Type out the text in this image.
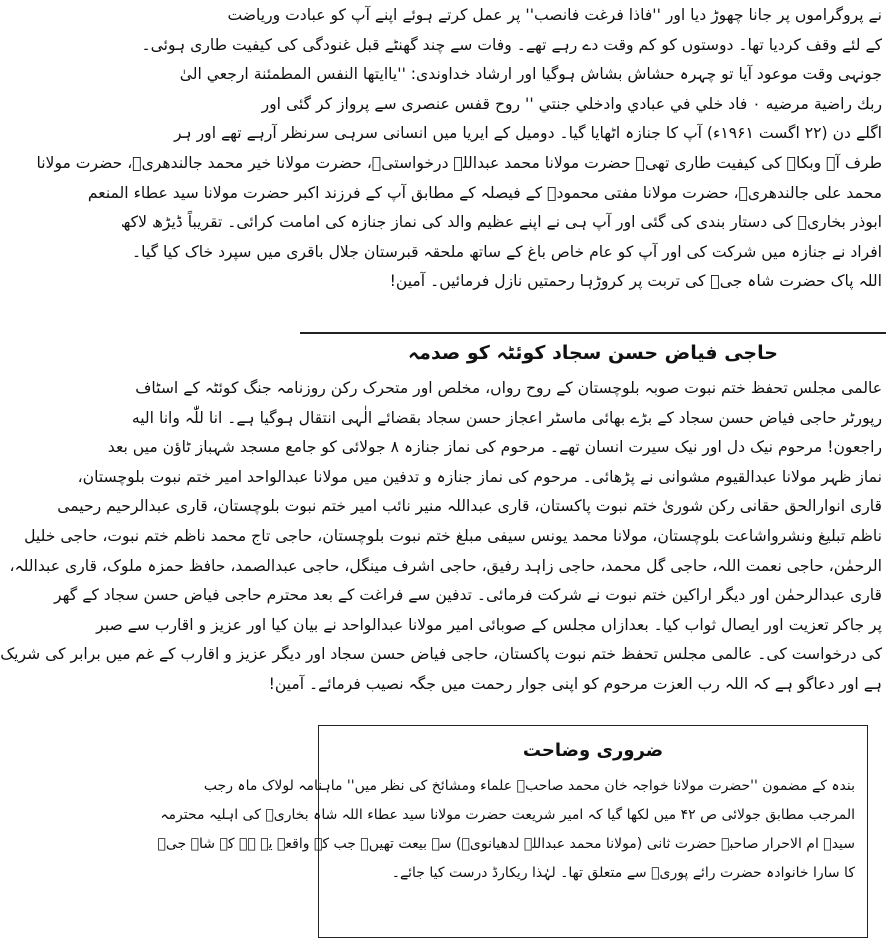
نے پروگراموں پر جانا چھوڑ دیا اور ''فاذا فرغت فانصب'' پر عمل کرتے ہوئے اپنے آپ کو عبادت وریاضت
کے لئے وقف کردیا تھا۔ دوستوں کو کم وقت دے رہے تھے۔ وفات سے چند گھنٹے قبل غنودگی کی کیفیت طاری ہوئی۔
جونہی وقت موعود آیا تو چہرہ حشاش بشاش ہوگیا اور ارشاد خداوندی: ''یاایتها النفس المطمئنة ارجعي الیٰ
ربك راضية مرضيه ۰ فاد خلي في عبادي وادخلي جنتي '' روح قفس عنصری سے پرواز کر گئی اور
اگلے دن (۲۲ اگست ۱۹۶۱ء) آپ کا جنازہ اٹھایا گیا۔ دومیل کے ایریا میں انسانی سرہی سرنظر آرہے تھے اور ہر
طرف آہ وبکاہ کی کیفیت طاری تھی۔ حضرت مولانا محمد عبداللہ درخواستیؒ، حضرت مولانا خیر محمد جالندھریؒ، حضرت مولانا
محمد علی جالندھریؒ، حضرت مولانا مفتی محمودؒ کے فیصلہ کے مطابق آپ کے فرزند اکبر حضرت مولانا سید عطاء المنعم
ابوذر بخاریؒ کی دستار بندی کی گئی اور آپ ہی نے اپنے عظیم والد کی نماز جنازہ کی امامت کرائی۔ تقریباً ڈیڑھ لاکھ
افراد نے جنازہ میں شرکت کی اور آپ کو عام خاص باغ کے ساتھ ملحقہ قبرستان جلال باقری میں سپرد خاک کیا گیا۔
اللہ پاک حضرت شاہ جیؒ کی تربت پر کروڑہا رحمتیں نازل فرمائیں۔ آمین!
حاجی فیاض حسن سجاد کوئٹہ کو صدمہ
عالمی مجلس تحفظ ختم نبوت صوبہ بلوچستان کے روح رواں، مخلص اور متحرک رکن روزنامہ جنگ کوئٹہ کے اسٹاف
رپورٹر حاجی فیاض حسن سجاد کے بڑے بھائی ماسٹر اعجاز حسن سجاد بقضائے الٰہی انتقال ہوگیا ہے۔ انا للّٰہ وانا الیه
راجعون! مرحوم نیک دل اور نیک سیرت انسان تھے۔ مرحوم کی نماز جنازہ ۸ جولائی کو جامع مسجد شہباز ٹاؤن میں بعد
نماز ظہر مولانا عبدالقیوم مشوانی نے پڑھائی۔ مرحوم کی نماز جنازہ و تدفین میں مولانا عبدالواحد امیر ختم نبوت بلوچستان،
قاری انوارالحق حقانی رکن شوریٰ ختم نبوت پاکستان، قاری عبداللہ منیر نائب امیر ختم نبوت بلوچستان، قاری عبدالرحیم رحیمی
ناظم تبلیغ ونشرواشاعت بلوچستان، مولانا محمد یونس سیفی مبلغ ختم نبوت بلوچستان، حاجی تاج محمد ناظم ختم نبوت، حاجی خلیل
الرحمٰن، حاجی نعمت اللہ، حاجی گل محمد، حاجی زاہد رفیق، حاجی اشرف مینگل، حاجی عبدالصمد، حافظ حمزہ ملوک، قاری عبداللہ،
قاری عبدالرحمٰن اور دیگر اراکین ختم نبوت نے شرکت فرمائی۔ تدفین سے فراغت کے بعد محترم حاجی فیاض حسن سجاد کے گھر
پر جاکر تعزیت اور ایصال ثواب کیا۔ بعدازاں مجلس کے صوبائی امیر مولانا عبدالواحد نے بیان کیا اور عزیز و اقارب سے صبر
کی درخواست کی۔ عالمی مجلس تحفظ ختم نبوت پاکستان، حاجی فیاض حسن سجاد اور دیگر عزیز و اقارب کے غم میں برابر کی شریک
ہے اور دعاگو ہے کہ اللہ رب العزت مرحوم کو اپنی جوار رحمت میں جگہ نصیب فرمائے۔ آمین!
ضروری وضاحت
بندہ کے مضمون ''حضرت مولانا خواجہ خان محمد صاحبؒ علماء ومشائخ کی نظر میں'' ماہنامہ لولاک ماہ رجب
المرجب مطابق جولائی ص ۴۲ میں لکھا گیا کہ امیر شریعت حضرت مولانا سید عطاء اللہ شاہ بخاریؒ کی اہلیہ محترمہ
سیدہ ام الاحرار صاحبہ حضرت ثانی (مولانا محمد عبداللہ لدھیانویؒ) سے بیعت تھیں۔ جب کہ واقعہ یہ ہے کہ شاہ جیؒ
کا سارا خانوادہ حضرت رائے پوریؒ سے متعلق تھا۔ لہٰذا ریکارڈ درست کیا جائے۔
